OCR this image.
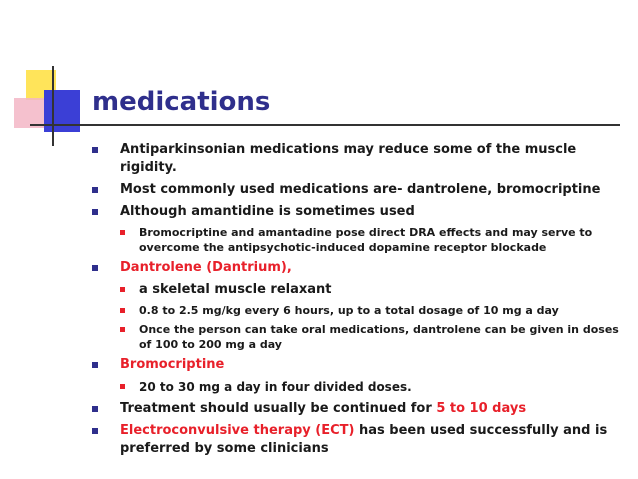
medications
Antiparkinsonian medications may reduce some of the muscle rigidity.
Most commonly used medications are- dantrolene, bromocriptine
Although amantidine is sometimes used
Bromocriptine and amantadine pose direct DRA effects and may serve to overcome the antipsychotic-induced dopamine receptor blockade
Dantrolene (Dantrium),
a skeletal muscle relaxant
0.8 to 2.5 mg/kg every 6 hours, up to a total dosage of 10 mg a day
Once the person can take oral medications, dantrolene can be given in doses of 100 to 200 mg a day
Bromocriptine
20 to 30 mg a day in four divided doses.
Treatment should usually be continued for 5 to 10 days
Electroconvulsive therapy (ECT) has been used successfully and is preferred by some clinicians
